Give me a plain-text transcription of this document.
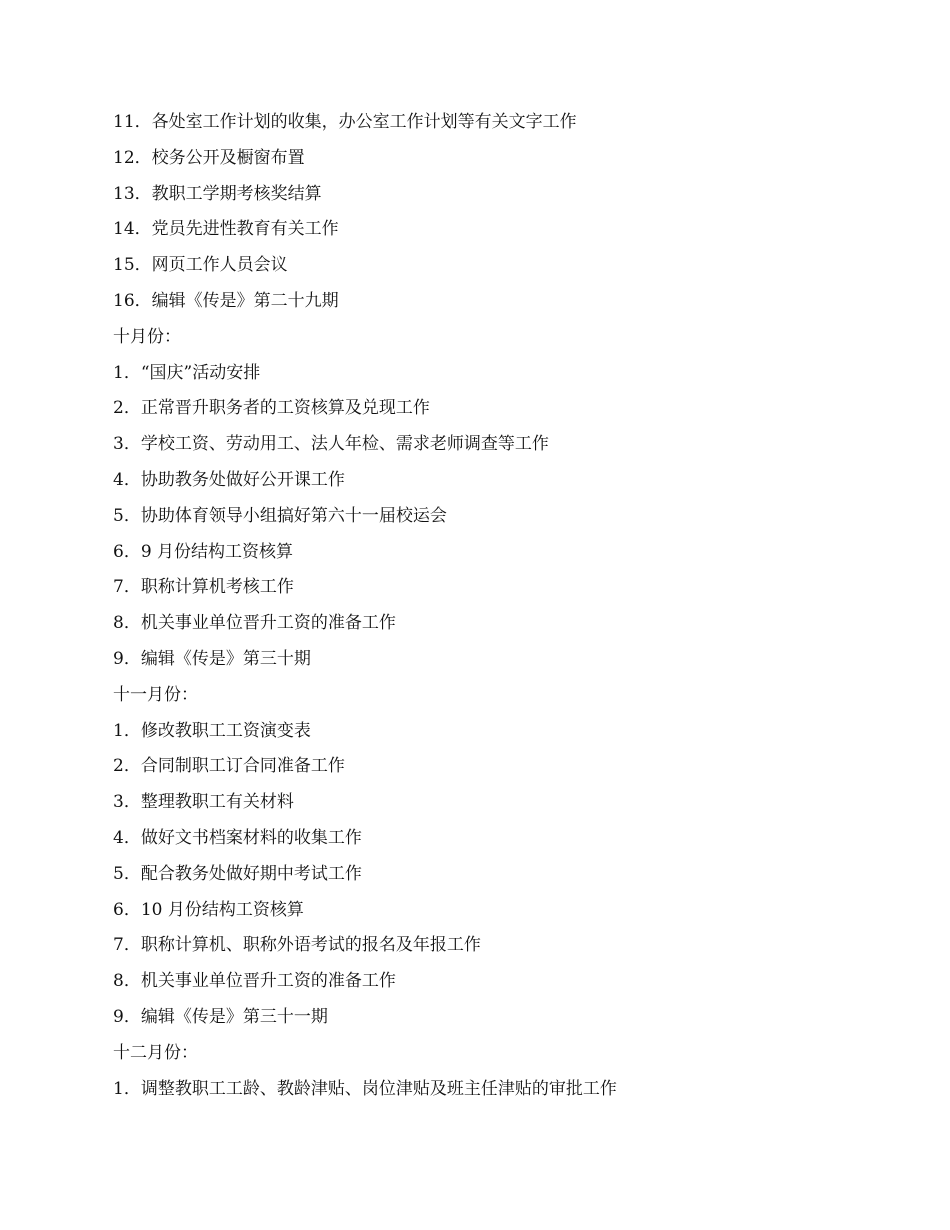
11．各处室工作计划的收集，办公室工作计划等有关文字工作
12．校务公开及橱窗布置
13．教职工学期考核奖结算
14．党员先进性教育有关工作
15．网页工作人员会议
16．编辑《传是》第二十九期
十月份：
1．“国庆”活动安排
2．正常晋升职务者的工资核算及兑现工作
3．学校工资、劳动用工、法人年检、需求老师调查等工作
4．协助教务处做好公开课工作
5．协助体育领导小组搞好第六十一届校运会
6．9 月份结构工资核算
7．职称计算机考核工作
8．机关事业单位晋升工资的准备工作
9．编辑《传是》第三十期
十一月份：
1．修改教职工工资演变表
2．合同制职工订合同准备工作
3．整理教职工有关材料
4．做好文书档案材料的收集工作
5．配合教务处做好期中考试工作
6．10 月份结构工资核算
7．职称计算机、职称外语考试的报名及年报工作
8．机关事业单位晋升工资的准备工作
9．编辑《传是》第三十一期
十二月份：
1．调整教职工工龄、教龄津贴、岗位津贴及班主任津贴的审批工作
